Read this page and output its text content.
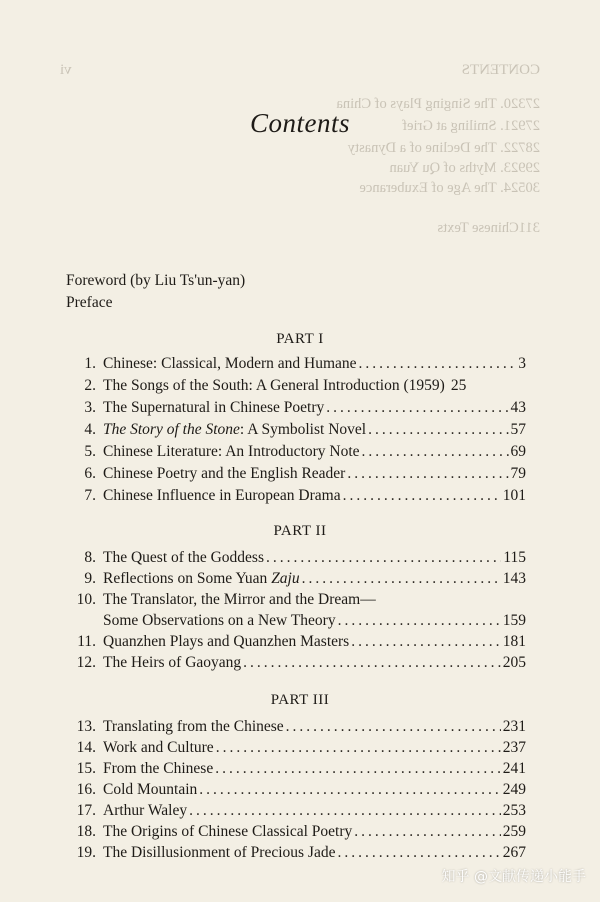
CONTENTS
vi
20. The Singing Plays of China 273
21. Smiling at Grief 279
22. The Decline of a Dynasty 287
23. Myths of Qu Yuan 299
24. The Age of Exuberance 305
Chinese Texts 311
Contents
Foreword (by Liu Ts'un-yan)
Preface
PART I
1. Chinese: Classical, Modern and Humane .....	3
2. The Songs of the South: A General Introduction (1959) 25
3. The Supernatural in Chinese Poetry .....	43
4. The Story of the Stone: A Symbolist Novel .....	57
5. Chinese Literature: An Introductory Note .....	69
6. Chinese Poetry and the English Reader .....	79
7. Chinese Influence in European Drama .....	101
PART II
8. The Quest of the Goddess .....	115
9. Reflections on Some Yuan Zaju .....	143
10. The Translator, the Mirror and the Dream—
Some Observations on a New Theory .....	159
11. Quanzhen Plays and Quanzhen Masters .....	181
12. The Heirs of Gaoyang .....	205
PART III
13. Translating from the Chinese .....	231
14. Work and Culture .....	237
15. From the Chinese .....	241
16. Cold Mountain .....	249
17. Arthur Waley .....	253
18. The Origins of Chinese Classical Poetry .....	259
19. The Disillusionment of Precious Jade .....	267
知乎 @文献传递小能手
